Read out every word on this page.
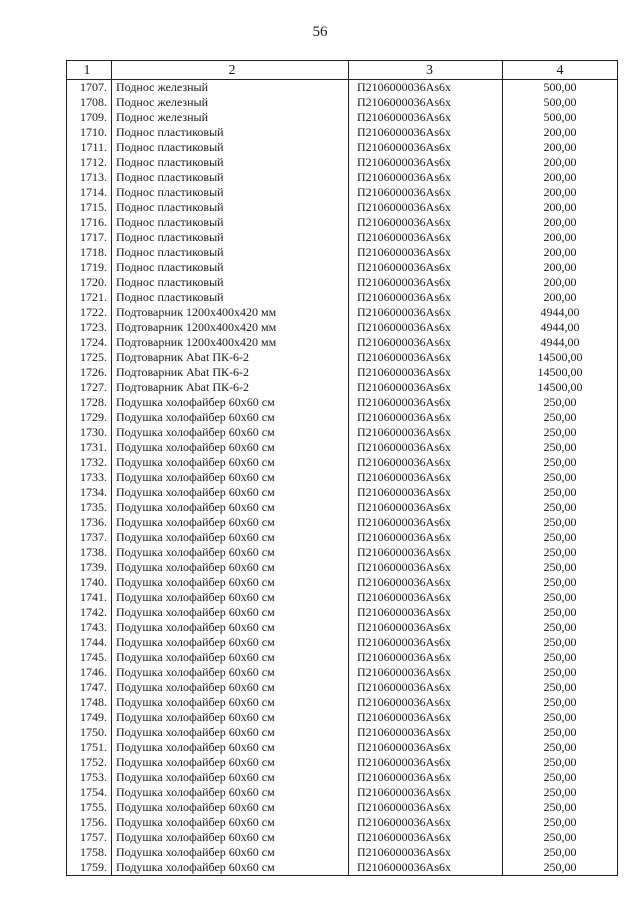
56
1	2	3	4
1707.	Поднос железный	П2106000036Аs6х	500,00
1708.	Поднос железный	П2106000036Аs6х	500,00
1709.	Поднос железный	П2106000036Аs6х	500,00
1710.	Поднос пластиковый	П2106000036Аs6х	200,00
1711.	Поднос пластиковый	П2106000036Аs6х	200,00
1712.	Поднос пластиковый	П2106000036Аs6х	200,00
1713.	Поднос пластиковый	П2106000036Аs6х	200,00
1714.	Поднос пластиковый	П2106000036Аs6х	200,00
1715.	Поднос пластиковый	П2106000036Аs6х	200,00
1716.	Поднос пластиковый	П2106000036Аs6х	200,00
1717.	Поднос пластиковый	П2106000036Аs6х	200,00
1718.	Поднос пластиковый	П2106000036Аs6х	200,00
1719.	Поднос пластиковый	П2106000036Аs6х	200,00
1720.	Поднос пластиковый	П2106000036Аs6х	200,00
1721.	Поднос пластиковый	П2106000036Аs6х	200,00
1722.	Подтоварник 1200x400x420 мм	П2106000036Аs6х	4944,00
1723.	Подтоварник 1200x400x420 мм	П2106000036Аs6х	4944,00
1724.	Подтоварник 1200x400x420 мм	П2106000036Аs6х	4944,00
1725.	Подтоварник Abat ПК-6-2	П2106000036Аs6х	14500,00
1726.	Подтоварник Abat ПК-6-2	П2106000036Аs6х	14500,00
1727.	Подтоварник Abat ПК-6-2	П2106000036Аs6х	14500,00
1728.	Подушка холофайбер 60x60 см	П2106000036Аs6х	250,00
1729.	Подушка холофайбер 60x60 см	П2106000036Аs6х	250,00
1730.	Подушка холофайбер 60x60 см	П2106000036Аs6х	250,00
1731.	Подушка холофайбер 60x60 см	П2106000036Аs6х	250,00
1732.	Подушка холофайбер 60x60 см	П2106000036Аs6х	250,00
1733.	Подушка холофайбер 60x60 см	П2106000036Аs6х	250,00
1734.	Подушка холофайбер 60x60 см	П2106000036Аs6х	250,00
1735.	Подушка холофайбер 60x60 см	П2106000036Аs6х	250,00
1736.	Подушка холофайбер 60x60 см	П2106000036Аs6х	250,00
1737.	Подушка холофайбер 60x60 см	П2106000036Аs6х	250,00
1738.	Подушка холофайбер 60x60 см	П2106000036Аs6х	250,00
1739.	Подушка холофайбер 60x60 см	П2106000036Аs6х	250,00
1740.	Подушка холофайбер 60x60 см	П2106000036Аs6х	250,00
1741.	Подушка холофайбер 60x60 см	П2106000036Аs6х	250,00
1742.	Подушка холофайбер 60x60 см	П2106000036Аs6х	250,00
1743.	Подушка холофайбер 60x60 см	П2106000036Аs6х	250,00
1744.	Подушка холофайбер 60x60 см	П2106000036Аs6х	250,00
1745.	Подушка холофайбер 60x60 см	П2106000036Аs6х	250,00
1746.	Подушка холофайбер 60x60 см	П2106000036Аs6х	250,00
1747.	Подушка холофайбер 60x60 см	П2106000036Аs6х	250,00
1748.	Подушка холофайбер 60x60 см	П2106000036Аs6х	250,00
1749.	Подушка холофайбер 60x60 см	П2106000036Аs6х	250,00
1750.	Подушка холофайбер 60x60 см	П2106000036Аs6х	250,00
1751.	Подушка холофайбер 60x60 см	П2106000036Аs6х	250,00
1752.	Подушка холофайбер 60x60 см	П2106000036Аs6х	250,00
1753.	Подушка холофайбер 60x60 см	П2106000036Аs6х	250,00
1754.	Подушка холофайбер 60x60 см	П2106000036Аs6х	250,00
1755.	Подушка холофайбер 60x60 см	П2106000036Аs6х	250,00
1756.	Подушка холофайбер 60x60 см	П2106000036Аs6х	250,00
1757.	Подушка холофайбер 60x60 см	П2106000036Аs6х	250,00
1758.	Подушка холофайбер 60x60 см	П2106000036Аs6х	250,00
1759.	Подушка холофайбер 60x60 см	П2106000036Аs6х	250,00
